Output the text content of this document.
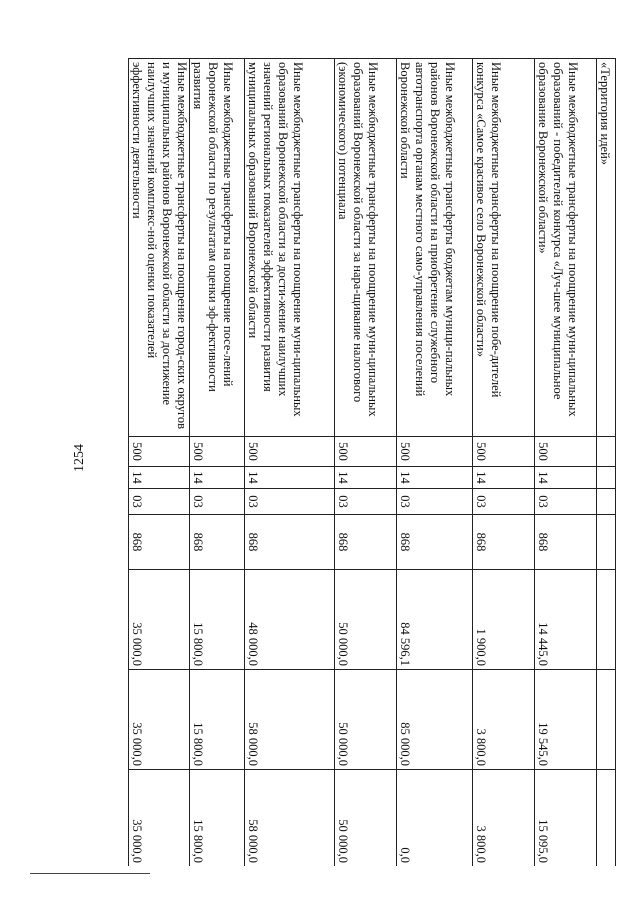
1254
«Территория идей»							
Иные межбюджетные трансферты на поощрение муни-ципальных образований - победителей конкурса «Луч-шее муниципальное образование Воронежской области»	500	14	03	868	14 445,0	19 545,0	15 095,0
Иные межбюджетные трансферты на поощрение побе-дителей конкурса «Самое красивое село Воронежской области»	500	14	03	868	1 900,0	3 800,0	3 800,0
Иные межбюджетные трансферты бюджетам муници-пальных районов Воронежской области на приобретение служебного автотранспорта органам местного само-управления поселений Воронежской области	500	14	03	868	84 596,1	85 000,0	0,0
Иные межбюджетные трансферты на поощрение муни-ципальных образований Воронежской области за нара-щивание налогового (экономического) потенциала	500	14	03	868	50 000,0	50 000,0	50 000,0
Иные межбюджетные трансферты на поощрение муни-ципальных образований Воронежской области за дости-жение наилучших значений региональных показателей эффективности развития муниципальных образований Воронежской области	500	14	03	868	48 000,0	58 000,0	58 000,0
Иные межбюджетные трансферты на поощрение посе-лений Воронежской области по результатам оценки эф-фективности развития	500	14	03	868	15 800,0	15 800,0	15 800,0
Иные межбюджетные трансферты на поощрение город-ских округов и муниципальных районов Воронежской области за достижение наилучших значений комплекс-ной оценки показателей эффективности деятельности	500	14	03	868	35 000,0	35 000,0	35 000,0
